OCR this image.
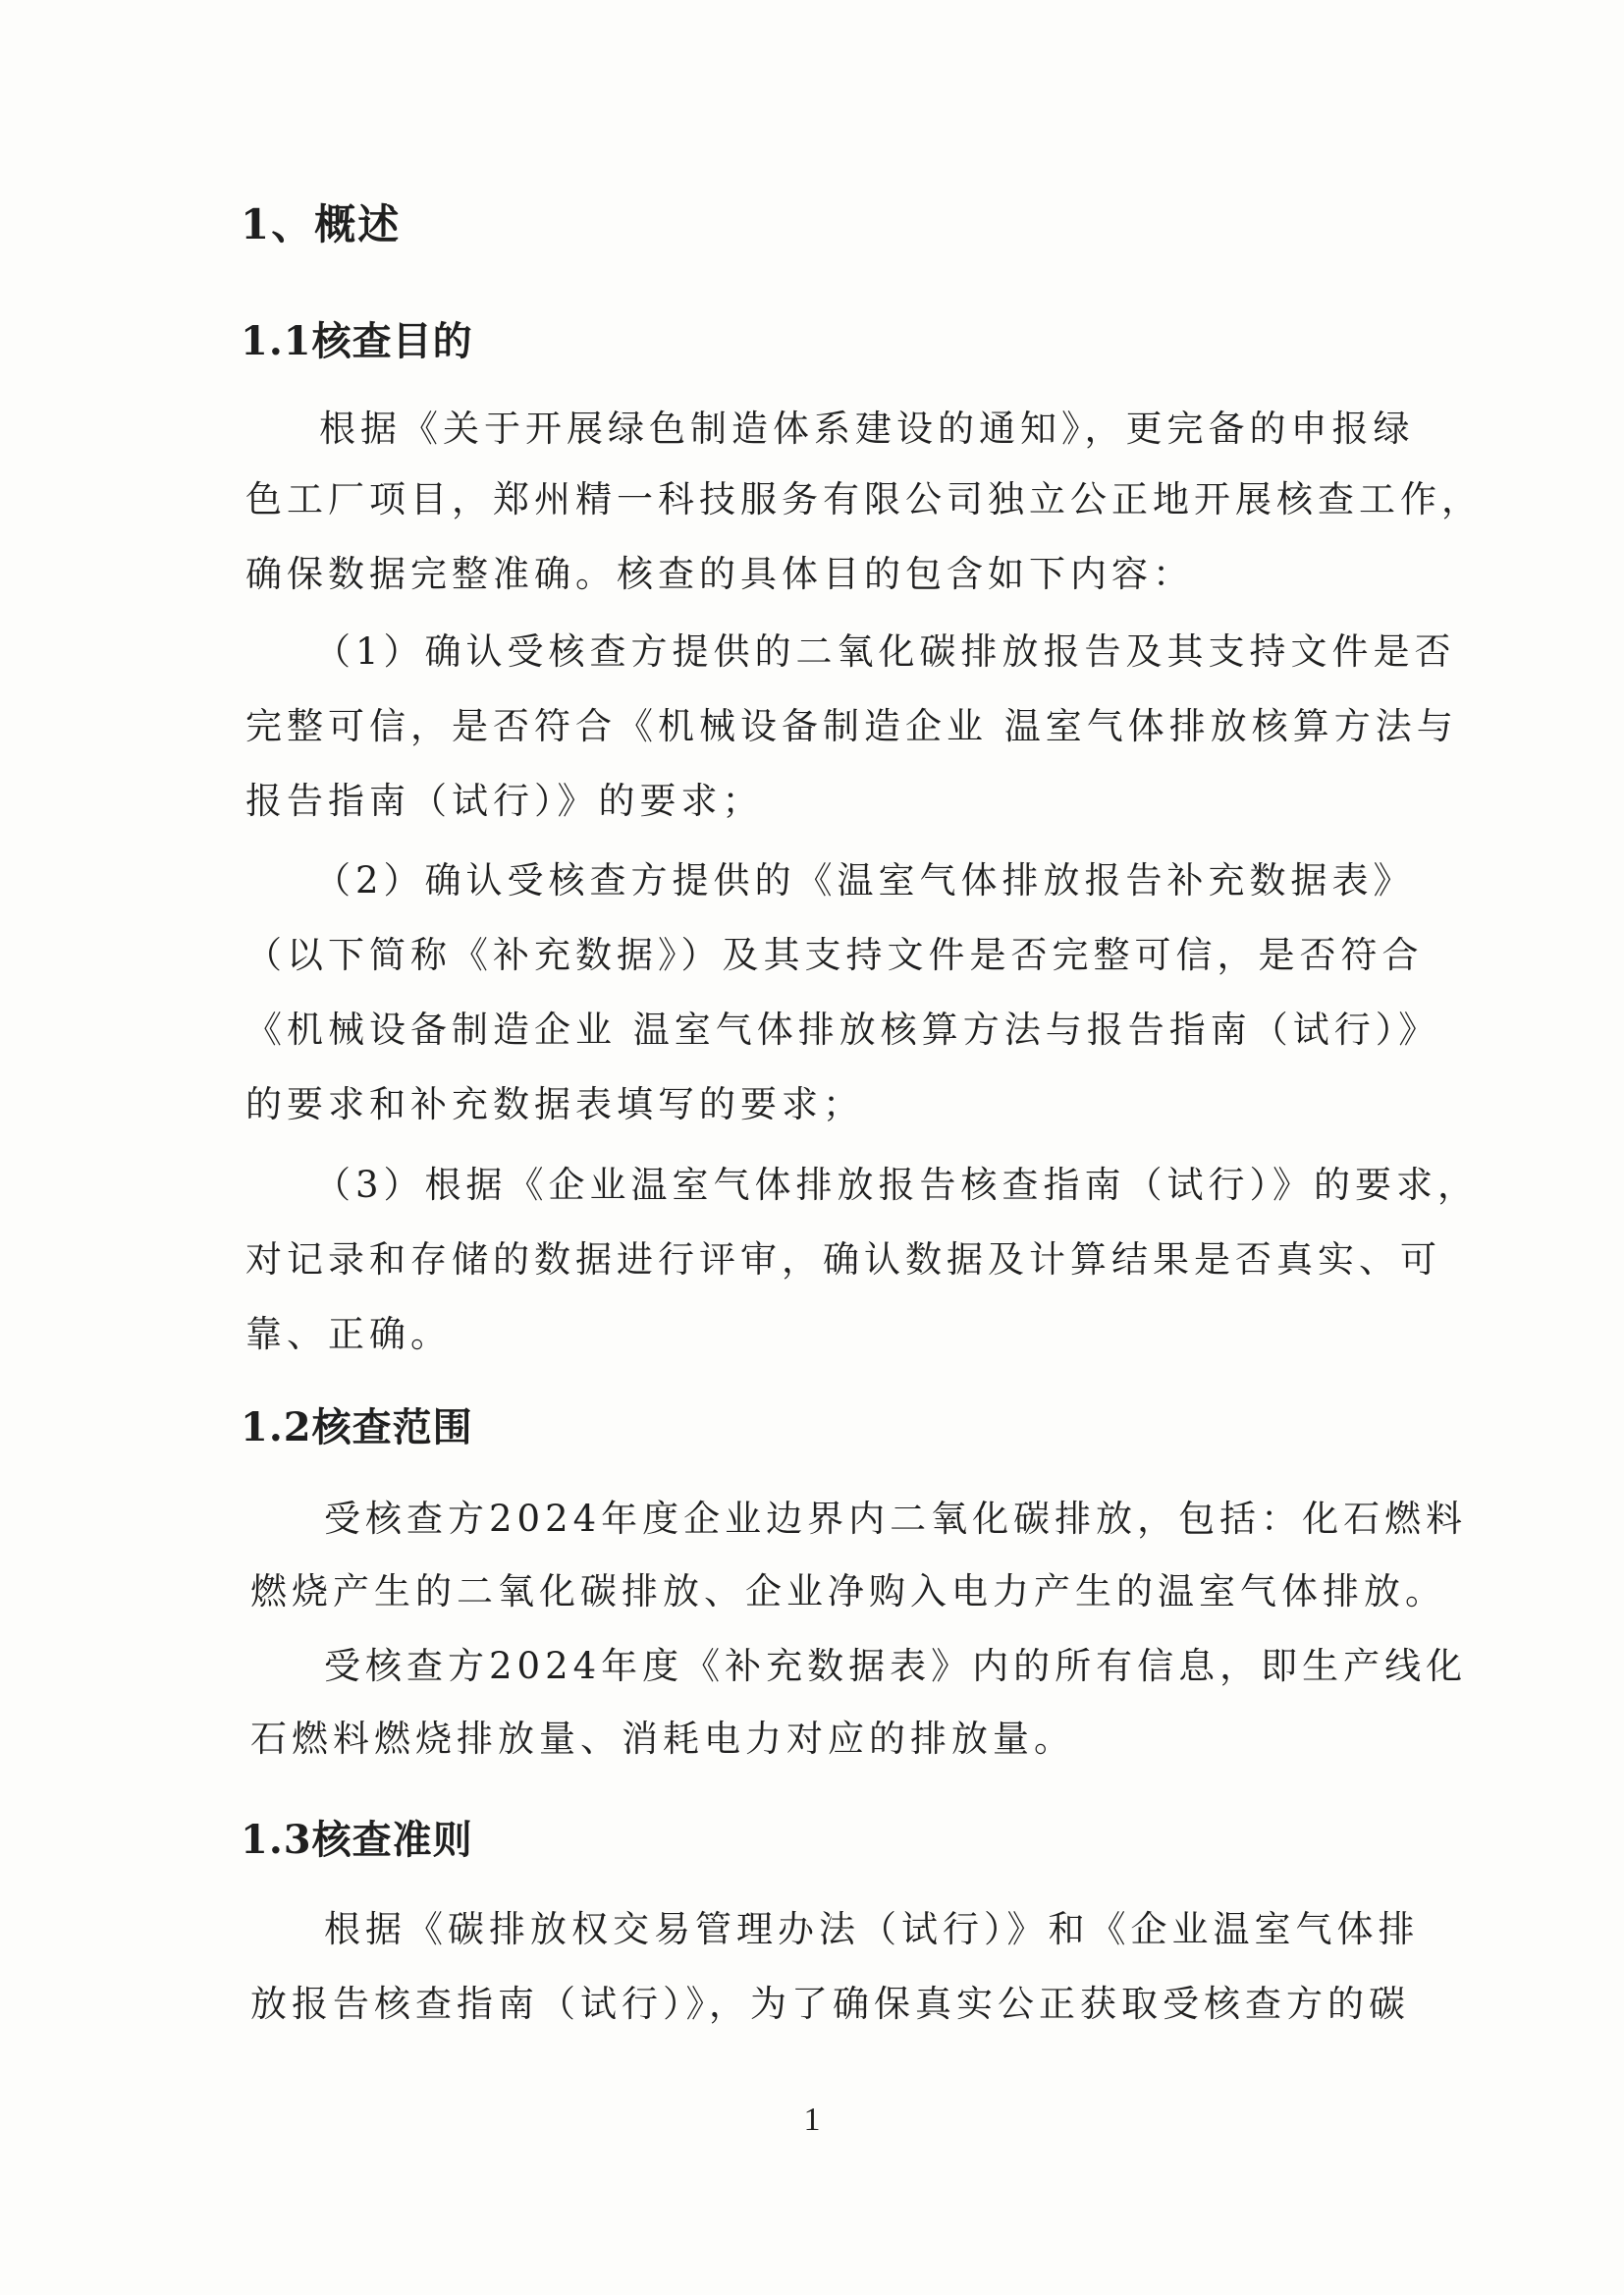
1、概述
1.1核查目的
根据《关于开展绿色制造体系建设的通知》，更完备的申报绿
色工厂项目，郑州精一科技服务有限公司独立公正地开展核查工作，
确保数据完整准确。核查的具体目的包含如下内容：
（1）确认受核查方提供的二氧化碳排放报告及其支持文件是否
完整可信，是否符合《机械设备制造企业 温室气体排放核算方法与
报告指南（试行）》的要求；
（2）确认受核查方提供的《温室气体排放报告补充数据表》
（以下简称《补充数据》）及其支持文件是否完整可信，是否符合
《机械设备制造企业 温室气体排放核算方法与报告指南（试行）》
的要求和补充数据表填写的要求；
（3）根据《企业温室气体排放报告核查指南（试行）》的要求，
对记录和存储的数据进行评审，确认数据及计算结果是否真实、可
靠、正确。
1.2核查范围
受核查方2024年度企业边界内二氧化碳排放，包括：化石燃料
燃烧产生的二氧化碳排放、企业净购入电力产生的温室气体排放。
受核查方2024年度《补充数据表》内的所有信息，即生产线化
石燃料燃烧排放量、消耗电力对应的排放量。
1.3核查准则
根据《碳排放权交易管理办法（试行）》和《企业温室气体排
放报告核查指南（试行）》，为了确保真实公正获取受核查方的碳
1
